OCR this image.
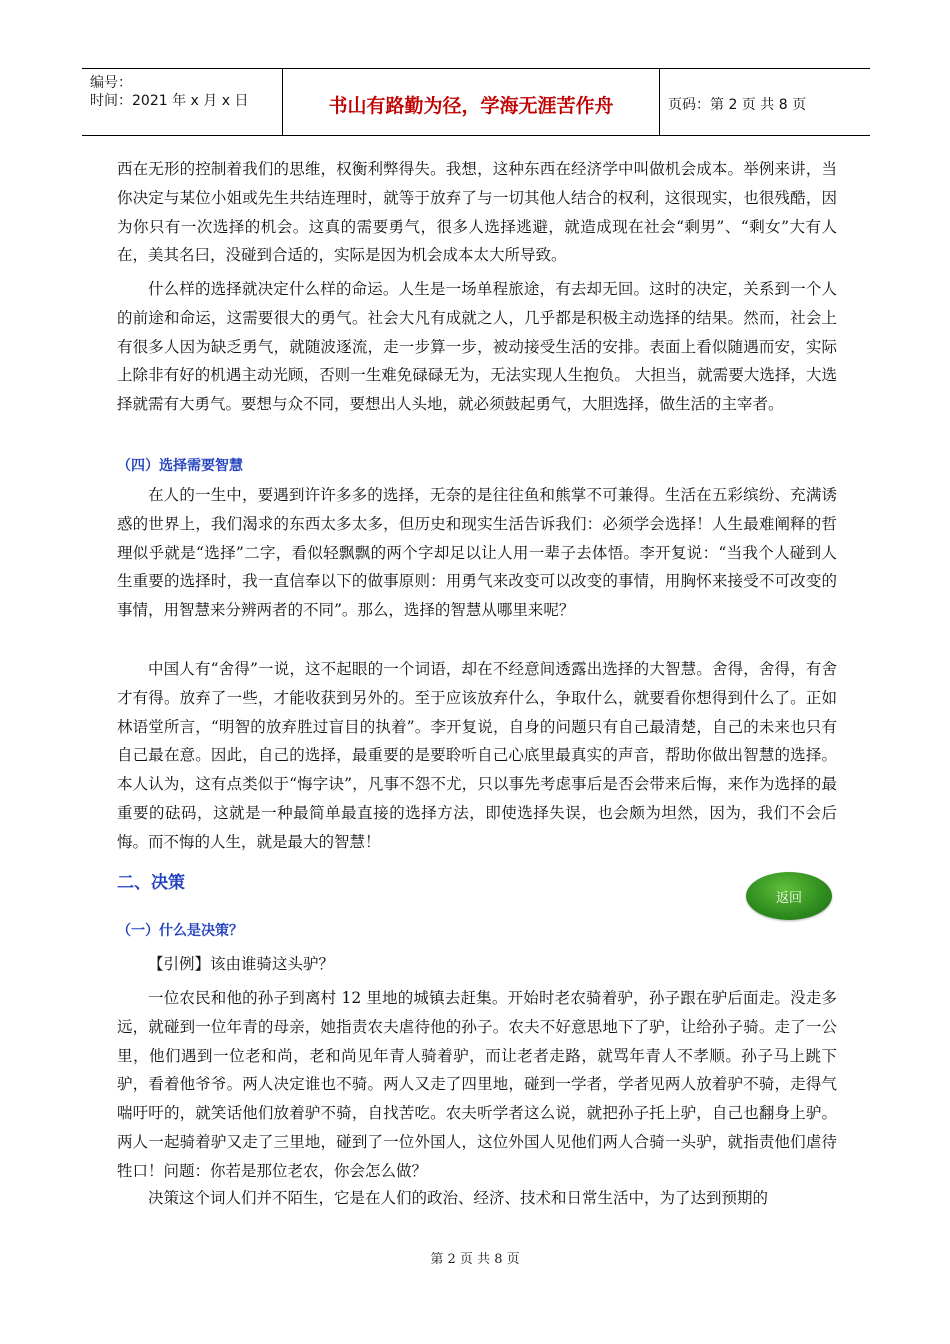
编号：
时间：2021 年 x 月 x 日	书山有路勤为径，学海无涯苦作舟	页码：第 2 页 共 8 页
西在无形的控制着我们的思维，权衡利弊得失。我想，这种东西在经济学中叫做机会成本。举例来讲，当你决定与某位小姐或先生共结连理时，就等于放弃了与一切其他人结合的权利，这很现实，也很残酷，因为你只有一次选择的机会。这真的需要勇气，很多人选择逃避，就造成现在社会“剩男”、“剩女”大有人在，美其名曰，没碰到合适的，实际是因为机会成本太大所导致。
什么样的选择就决定什么样的命运。人生是一场单程旅途，有去却无回。这时的决定，关系到一个人的前途和命运，这需要很大的勇气。社会大凡有成就之人，几乎都是积极主动选择的结果。然而，社会上有很多人因为缺乏勇气，就随波逐流，走一步算一步，被动接受生活的安排。表面上看似随遇而安，实际上除非有好的机遇主动光顾，否则一生难免碌碌无为，无法实现人生抱负。 大担当，就需要大选择，大选择就需有大勇气。要想与众不同，要想出人头地，就必须鼓起勇气，大胆选择，做生活的主宰者。
（四）选择需要智慧
在人的一生中，要遇到许许多多的选择，无奈的是往往鱼和熊掌不可兼得。生活在五彩缤纷、充满诱惑的世界上，我们渴求的东西太多太多，但历史和现实生活告诉我们：必须学会选择！人生最难阐释的哲理似乎就是“选择”二字，看似轻飘飘的两个字却足以让人用一辈子去体悟。李开复说：“当我个人碰到人生重要的选择时，我一直信奉以下的做事原则：用勇气来改变可以改变的事情，用胸怀来接受不可改变的事情，用智慧来分辨两者的不同”。那么，选择的智慧从哪里来呢？
中国人有“舍得”一说，这不起眼的一个词语，却在不经意间透露出选择的大智慧。舍得，舍得，有舍才有得。放弃了一些，才能收获到另外的。至于应该放弃什么，争取什么，就要看你想得到什么了。正如林语堂所言，“明智的放弃胜过盲目的执着”。李开复说，自身的问题只有自己最清楚，自己的未来也只有自己最在意。因此，自己的选择，最重要的是要聆听自己心底里最真实的声音，帮助你做出智慧的选择。本人认为，这有点类似于“悔字诀”，凡事不怨不尤，只以事先考虑事后是否会带来后悔，来作为选择的最重要的砝码，这就是一种最简单最直接的选择方法，即使选择失误，也会颇为坦然，因为，我们不会后悔。而不悔的人生，就是最大的智慧！
二、决策
返回
（一）什么是决策？
【引例】该由谁骑这头驴？
一位农民和他的孙子到离村 12 里地的城镇去赶集。开始时老农骑着驴，孙子跟在驴后面走。没走多远，就碰到一位年青的母亲，她指责农夫虐待他的孙子。农夫不好意思地下了驴，让给孙子骑。走了一公里，他们遇到一位老和尚，老和尚见年青人骑着驴，而让老者走路，就骂年青人不孝顺。孙子马上跳下驴，看着他爷爷。两人决定谁也不骑。两人又走了四里地，碰到一学者，学者见两人放着驴不骑，走得气喘吁吁的，就笑话他们放着驴不骑，自找苦吃。农夫听学者这么说，就把孙子托上驴，自己也翻身上驴。两人一起骑着驴又走了三里地，碰到了一位外国人，这位外国人见他们两人合骑一头驴，就指责他们虐待牲口！问题：你若是那位老农，你会怎么做？
决策这个词人们并不陌生，它是在人们的政治、经济、技术和日常生活中，为了达到预期的
第 2 页 共 8 页
